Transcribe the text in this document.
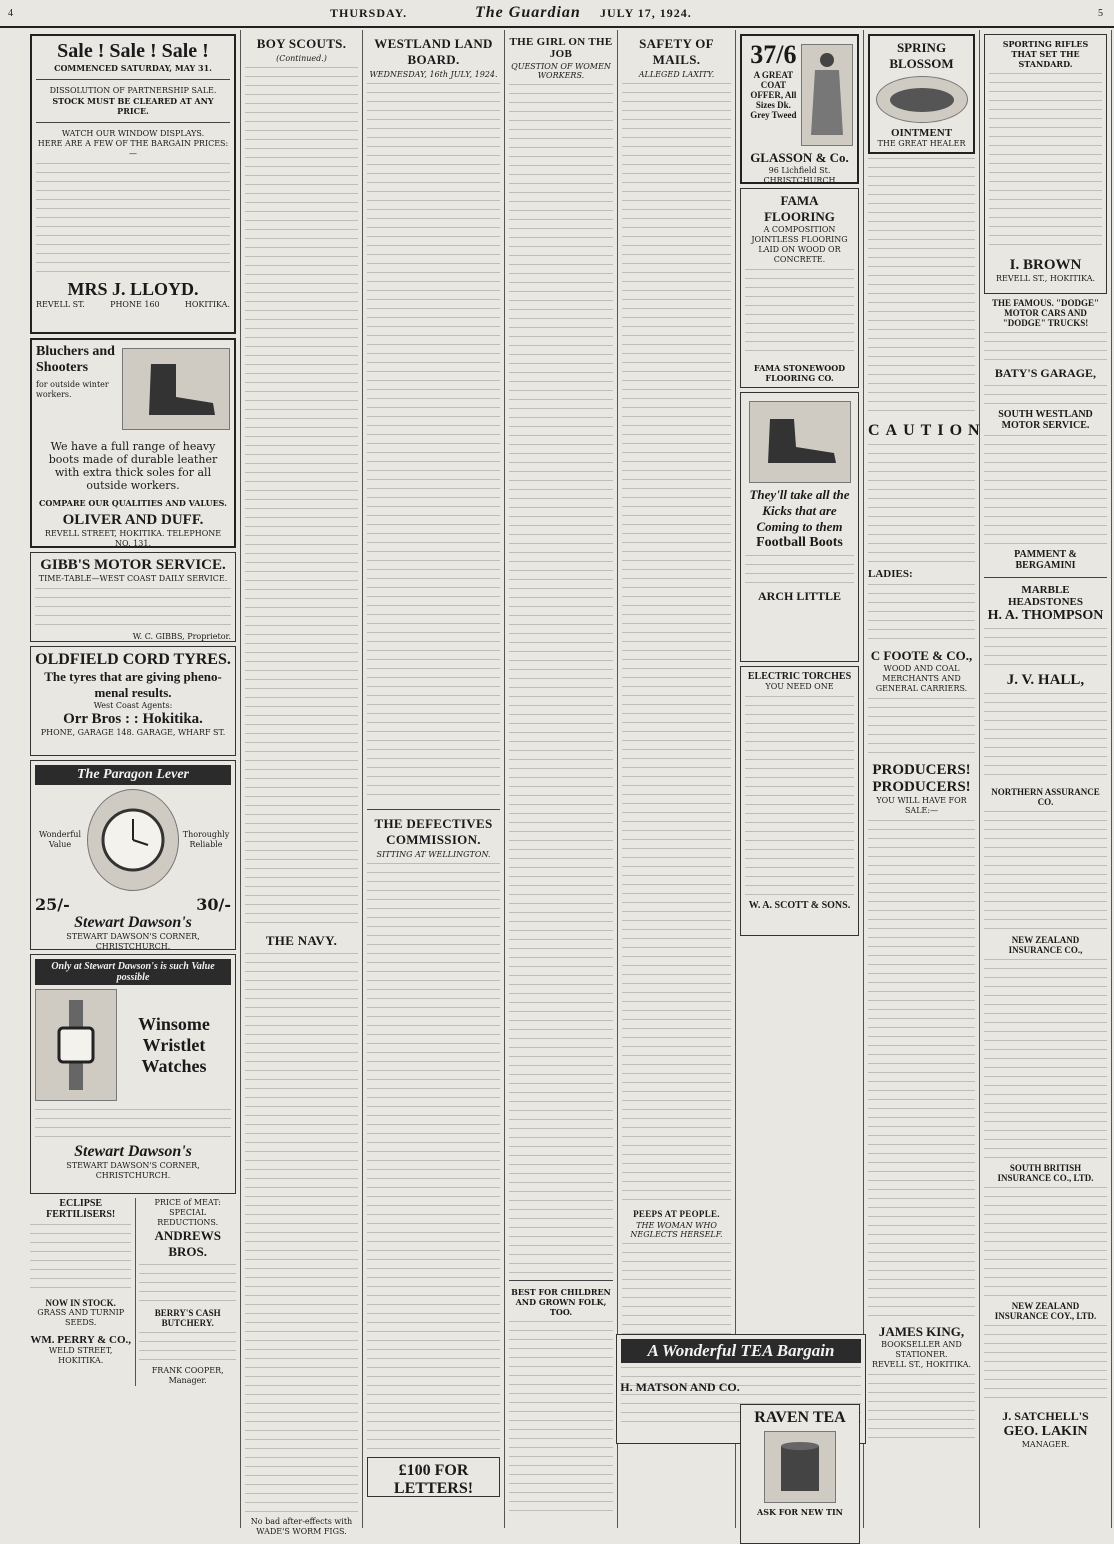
4	THURSDAY.	The Guardian JULY 17, 1924.	5
Sale ! Sale ! Sale !
COMMENCED SATURDAY, MAY 31.
DISSOLUTION OF PARTNERSHIP SALE.
STOCK MUST BE CLEARED AT ANY PRICE.
WATCH OUR WINDOW DISPLAYS.
HERE ARE A FEW OF THE BARGAIN PRICES:—
MRS J. LLOYD.
REVELL ST.	PHONE 160	HOKITIKA.
Bluchers and Shooters
for outside winter workers.
We have a full range of heavy boots made of durable leather with extra thick soles for all outside workers.
COMPARE OUR QUALITIES AND VALUES.
OLIVER AND DUFF.
REVELL STREET, HOKITIKA. TELEPHONE NO. 131.
GIBB'S MOTOR SERVICE.
TIME-TABLE—WEST COAST DAILY SERVICE.
W. C. GIBBS, Proprietor.
OLDFIELD CORD TYRES.
The tyres that are giving pheno-menal results.
West Coast Agents:
Orr Bros : : Hokitika.
PHONE, GARAGE 148. GARAGE, WHARF ST.
The Paragon Lever
Wonderful Value
Thoroughly Reliable
25/-	30/-
Stewart Dawson's
STEWART DAWSON'S CORNER, CHRISTCHURCH.
Only at Stewart Dawson's is such Value possible
Winsome Wristlet Watches
Stewart Dawson's
STEWART DAWSON'S CORNER, CHRISTCHURCH.
ECLIPSE FERTILISERS!
NOW IN STOCK.
GRASS AND TURNIP SEEDS.
WM. PERRY & CO.,
WELD STREET, HOKITIKA.
PRICE of MEAT:
SPECIAL REDUCTIONS.
ANDREWS BROS.
BERRY'S CASH BUTCHERY.
FRANK COOPER, Manager.
BOY SCOUTS.
(Continued.)
THE NAVY.
No bad after-effects with WADE'S WORM FIGS.
WESTLAND LAND BOARD.
WEDNESDAY, 16th JULY, 1924.
THE DEFECTIVES COMMISSION.
SITTING AT WELLINGTON.
£100 FOR LETTERS!
THE GIRL ON THE JOB
QUESTION OF WOMEN WORKERS.
BEST FOR CHILDREN AND GROWN FOLK, TOO.
SAFETY OF MAILS.
ALLEGED LAXITY.
PEEPS AT PEOPLE.
THE WOMAN WHO NEGLECTS HERSELF.
37/6
A GREAT COAT OFFER, All Sizes Dk. Grey Tweed
GLASSON & Co.
96 Lichfield St.
CHRISTCHURCH
FAMA FLOORING
A COMPOSITION JOINTLESS FLOORING LAID ON WOOD OR CONCRETE.
FAMA STONEWOOD FLOORING CO.
They'll take all the Kicks that are Coming to them
Football Boots
ARCH LITTLE
ELECTRIC TORCHES
YOU NEED ONE
W. A. SCOTT & SONS.
A Wonderful TEA Bargain
RAVEN TEA
ASK FOR NEW TIN
H. MATSON AND CO.
SPRING BLOSSOM
OINTMENT
THE GREAT HEALER
CAUTION
LADIES:
C FOOTE & CO.,
WOOD AND COAL MERCHANTS AND GENERAL CARRIERS.
PRODUCERS! PRODUCERS!
YOU WILL HAVE FOR SALE:—
JAMES KING,
BOOKSELLER AND STATIONER.
REVELL ST., HOKITIKA.
SPORTING RIFLES THAT SET THE STANDARD.
I. BROWN
REVELL ST., HOKITIKA.
THE FAMOUS. "DODGE" MOTOR CARS AND "DODGE" TRUCKS!
BATY'S GARAGE,
SOUTH WESTLAND MOTOR SERVICE.
PAMMENT & BERGAMINI
MARBLE HEADSTONES
H. A. THOMPSON
J. V. HALL,
NORTHERN ASSURANCE CO.
NEW ZEALAND INSURANCE CO.,
SOUTH BRITISH INSURANCE CO., LTD.
NEW ZEALAND INSURANCE COY., LTD.
J. SATCHELL'S
GEO. LAKIN
MANAGER.
